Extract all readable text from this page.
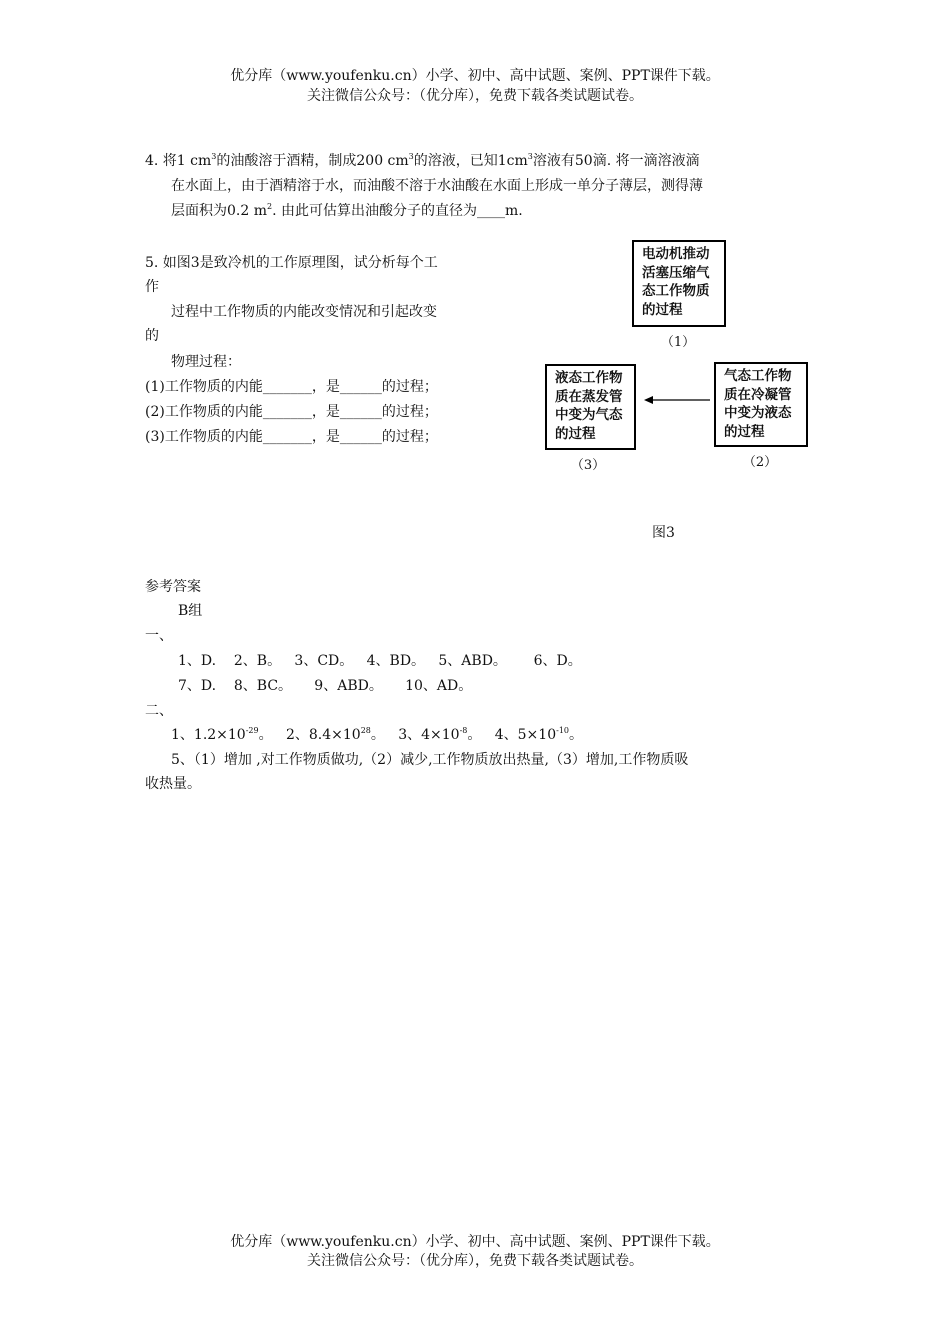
优分库（www.youfenku.cn）小学、初中、高中试题、案例、PPT课件下载。
关注微信公众号：（优分库），免费下载各类试题试卷。
4. 将1 $cm^3$的油酸溶于酒精，制成200 $cm^3$的溶液，已知$1cm^3$溶液有50滴. 将一滴溶液滴
在水面上，由于酒精溶于水，而油酸不溶于水油酸在水面上形成一单分子薄层，测得薄
层面积为0.2 $m^2$. 由此可估算出油酸分子的直径为____m.
5. 如图3是致冷机的工作原理图，试分析每个工
作
过程中工作物质的内能改变情况和引起改变
的
物理过程：
(1)工作物质的内能_______，是______的过程；
(2)工作物质的内能_______，是______的过程；
(3)工作物质的内能_______，是______的过程；
电动机推动
活塞压缩气
态工作物质
的过程
（1）
气态工作物
质在冷凝管
中变为液态
的过程
（2）
液态工作物
质在蒸发管
中变为气态
的过程
（3）
图3
参考答案
B组
一、
1、D.    2、B。   3、CD。   4、BD。   5、ABD。      6、D。
7、D.    8、BC。     9、ABD。     10、AD。
二、
1、$1.2\times 10^{-29}$。   2、$8.4\times 10^{28}$。   3、$4\times 10^{-8}$。   4、$5\times 10^{-10}$。
5、（1）增加 ,对工作物质做功,（2）减少,工作物质放出热量,（3）增加,工作物质吸
收热量。
优分库（www.youfenku.cn）小学、初中、高中试题、案例、PPT课件下载。
关注微信公众号：（优分库），免费下载各类试题试卷。
